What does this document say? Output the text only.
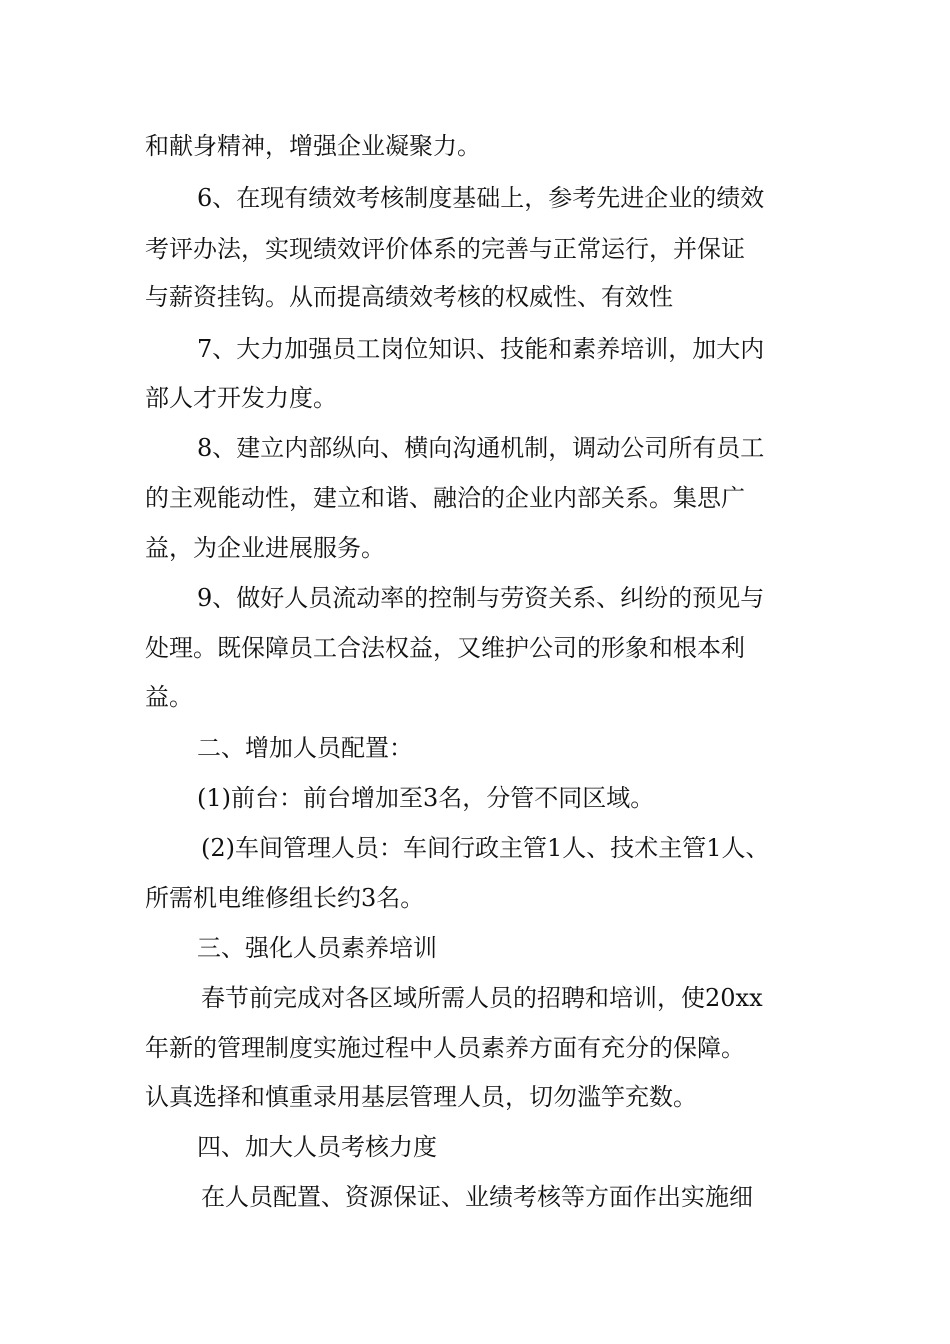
和献身精神，增强企业凝聚力。

6、在现有绩效考核制度基础上，参考先进企业的绩效

考评办法，实现绩效评价体系的完善与正常运行，并保证

与薪资挂钩。从而提高绩效考核的权威性、有效性

7、大力加强员工岗位知识、技能和素养培训，加大内

部人才开发力度。

8、建立内部纵向、横向沟通机制，调动公司所有员工

的主观能动性，建立和谐、融洽的企业内部关系。集思广

益，为企业进展服务。

9、做好人员流动率的控制与劳资关系、纠纷的预见与

处理。既保障员工合法权益，又维护公司的形象和根本利

益。

二、增加人员配置：

(1)前台：前台增加至3名，分管不同区域。

(2)车间管理人员：车间行政主管1人、技术主管1人、

所需机电维修组长约3名。

三、强化人员素养培训

春节前完成对各区域所需人员的招聘和培训，使20xx

年新的管理制度实施过程中人员素养方面有充分的保障。

认真选择和慎重录用基层管理人员，切勿滥竽充数。

四、加大人员考核力度

在人员配置、资源保证、业绩考核等方面作出实施细
